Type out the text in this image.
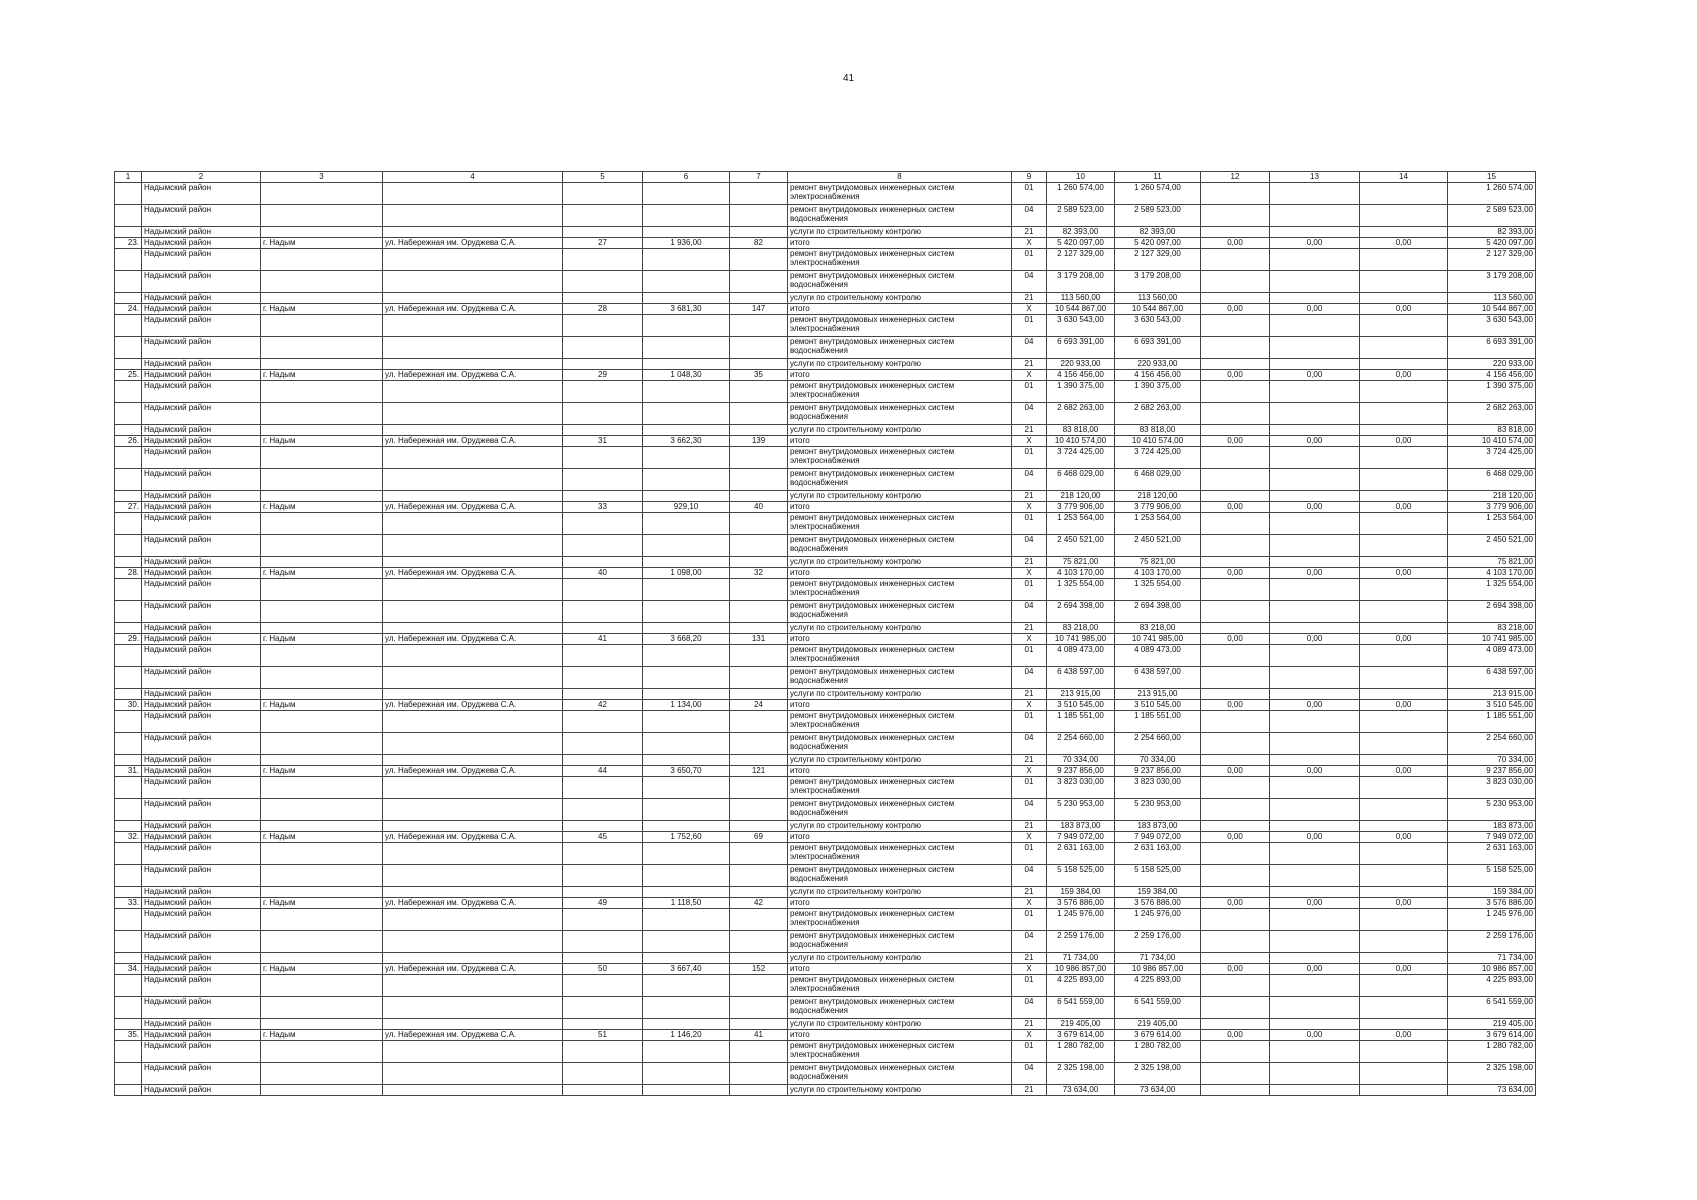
41
1	2	3	4	5	6	7	8	9	10	11	12	13	14	15
	Надымский район						ремонт внутридомовых инженерных систем электроснабжения	01	1 260 574,00	1 260 574,00				1 260 574,00
	Надымский район						ремонт внутридомовых инженерных систем водоснабжения	04	2 589 523,00	2 589 523,00				2 589 523,00
	Надымский район						услуги по строительному контролю	21	82 393,00	82 393,00				82 393,00
23.	Надымский район	г. Надым	ул. Набережная им. Оруджева С.А.	27	1 936,00	82	итого	X	5 420 097,00	5 420 097,00	0,00	0,00	0,00	5 420 097,00
	Надымский район						ремонт внутридомовых инженерных систем электроснабжения	01	2 127 329,00	2 127 329,00				2 127 329,00
	Надымский район						ремонт внутридомовых инженерных систем водоснабжения	04	3 179 208,00	3 179 208,00				3 179 208,00
	Надымский район						услуги по строительному контролю	21	113 560,00	113 560,00				113 560,00
24.	Надымский район	г. Надым	ул. Набережная им. Оруджева С.А.	28	3 681,30	147	итого	X	10 544 867,00	10 544 867,00	0,00	0,00	0,00	10 544 867,00
	Надымский район						ремонт внутридомовых инженерных систем электроснабжения	01	3 630 543,00	3 630 543,00				3 630 543,00
	Надымский район						ремонт внутридомовых инженерных систем водоснабжения	04	6 693 391,00	6 693 391,00				6 693 391,00
	Надымский район						услуги по строительному контролю	21	220 933,00	220 933,00				220 933,00
25.	Надымский район	г. Надым	ул. Набережная им. Оруджева С.А.	29	1 048,30	35	итого	X	4 156 456,00	4 156 456,00	0,00	0,00	0,00	4 156 456,00
	Надымский район						ремонт внутридомовых инженерных систем электроснабжения	01	1 390 375,00	1 390 375,00				1 390 375,00
	Надымский район						ремонт внутридомовых инженерных систем водоснабжения	04	2 682 263,00	2 682 263,00				2 682 263,00
	Надымский район						услуги по строительному контролю	21	83 818,00	83 818,00				83 818,00
26.	Надымский район	г. Надым	ул. Набережная им. Оруджева С.А.	31	3 662,30	139	итого	X	10 410 574,00	10 410 574,00	0,00	0,00	0,00	10 410 574,00
	Надымский район						ремонт внутридомовых инженерных систем электроснабжения	01	3 724 425,00	3 724 425,00				3 724 425,00
	Надымский район						ремонт внутридомовых инженерных систем водоснабжения	04	6 468 029,00	6 468 029,00				6 468 029,00
	Надымский район						услуги по строительному контролю	21	218 120,00	218 120,00				218 120,00
27.	Надымский район	г. Надым	ул. Набережная им. Оруджева С.А.	33	929,10	40	итого	X	3 779 906,00	3 779 906,00	0,00	0,00	0,00	3 779 906,00
	Надымский район						ремонт внутридомовых инженерных систем электроснабжения	01	1 253 564,00	1 253 564,00				1 253 564,00
	Надымский район						ремонт внутридомовых инженерных систем водоснабжения	04	2 450 521,00	2 450 521,00				2 450 521,00
	Надымский район						услуги по строительному контролю	21	75 821,00	75 821,00				75 821,00
28.	Надымский район	г. Надым	ул. Набережная им. Оруджева С.А.	40	1 098,00	32	итого	X	4 103 170,00	4 103 170,00	0,00	0,00	0,00	4 103 170,00
	Надымский район						ремонт внутридомовых инженерных систем электроснабжения	01	1 325 554,00	1 325 554,00				1 325 554,00
	Надымский район						ремонт внутридомовых инженерных систем водоснабжения	04	2 694 398,00	2 694 398,00				2 694 398,00
	Надымский район						услуги по строительному контролю	21	83 218,00	83 218,00				83 218,00
29.	Надымский район	г. Надым	ул. Набережная им. Оруджева С.А.	41	3 668,20	131	итого	X	10 741 985,00	10 741 985,00	0,00	0,00	0,00	10 741 985,00
	Надымский район						ремонт внутридомовых инженерных систем электроснабжения	01	4 089 473,00	4 089 473,00				4 089 473,00
	Надымский район						ремонт внутридомовых инженерных систем водоснабжения	04	6 438 597,00	6 438 597,00				6 438 597,00
	Надымский район						услуги по строительному контролю	21	213 915,00	213 915,00				213 915,00
30.	Надымский район	г. Надым	ул. Набережная им. Оруджева С.А.	42	1 134,00	24	итого	X	3 510 545,00	3 510 545,00	0,00	0,00	0,00	3 510 545,00
	Надымский район						ремонт внутридомовых инженерных систем электроснабжения	01	1 185 551,00	1 185 551,00				1 185 551,00
	Надымский район						ремонт внутридомовых инженерных систем водоснабжения	04	2 254 660,00	2 254 660,00				2 254 660,00
	Надымский район						услуги по строительному контролю	21	70 334,00	70 334,00				70 334,00
31.	Надымский район	г. Надым	ул. Набережная им. Оруджева С.А.	44	3 650,70	121	итого	X	9 237 856,00	9 237 856,00	0,00	0,00	0,00	9 237 856,00
	Надымский район						ремонт внутридомовых инженерных систем электроснабжения	01	3 823 030,00	3 823 030,00				3 823 030,00
	Надымский район						ремонт внутридомовых инженерных систем водоснабжения	04	5 230 953,00	5 230 953,00				5 230 953,00
	Надымский район						услуги по строительному контролю	21	183 873,00	183 873,00				183 873,00
32.	Надымский район	г. Надым	ул. Набережная им. Оруджева С.А.	45	1 752,60	69	итого	X	7 949 072,00	7 949 072,00	0,00	0,00	0,00	7 949 072,00
	Надымский район						ремонт внутридомовых инженерных систем электроснабжения	01	2 631 163,00	2 631 163,00				2 631 163,00
	Надымский район						ремонт внутридомовых инженерных систем водоснабжения	04	5 158 525,00	5 158 525,00				5 158 525,00
	Надымский район						услуги по строительному контролю	21	159 384,00	159 384,00				159 384,00
33.	Надымский район	г. Надым	ул. Набережная им. Оруджева С.А.	49	1 118,50	42	итого	X	3 576 886,00	3 576 886,00	0,00	0,00	0,00	3 576 886,00
	Надымский район						ремонт внутридомовых инженерных систем электроснабжения	01	1 245 976,00	1 245 976,00				1 245 976,00
	Надымский район						ремонт внутридомовых инженерных систем водоснабжения	04	2 259 176,00	2 259 176,00				2 259 176,00
	Надымский район						услуги по строительному контролю	21	71 734,00	71 734,00				71 734,00
34.	Надымский район	г. Надым	ул. Набережная им. Оруджева С.А.	50	3 667,40	152	итого	X	10 986 857,00	10 986 857,00	0,00	0,00	0,00	10 986 857,00
	Надымский район						ремонт внутридомовых инженерных систем электроснабжения	01	4 225 893,00	4 225 893,00				4 225 893,00
	Надымский район						ремонт внутридомовых инженерных систем водоснабжения	04	6 541 559,00	6 541 559,00				6 541 559,00
	Надымский район						услуги по строительному контролю	21	219 405,00	219 405,00				219 405,00
35.	Надымский район	г. Надым	ул. Набережная им. Оруджева С.А.	51	1 146,20	41	итого	X	3 679 614,00	3 679 614,00	0,00	0,00	0,00	3 679 614,00
	Надымский район						ремонт внутридомовых инженерных систем электроснабжения	01	1 280 782,00	1 280 782,00				1 280 782,00
	Надымский район						ремонт внутридомовых инженерных систем водоснабжения	04	2 325 198,00	2 325 198,00				2 325 198,00
	Надымский район						услуги по строительному контролю	21	73 634,00	73 634,00				73 634,00
